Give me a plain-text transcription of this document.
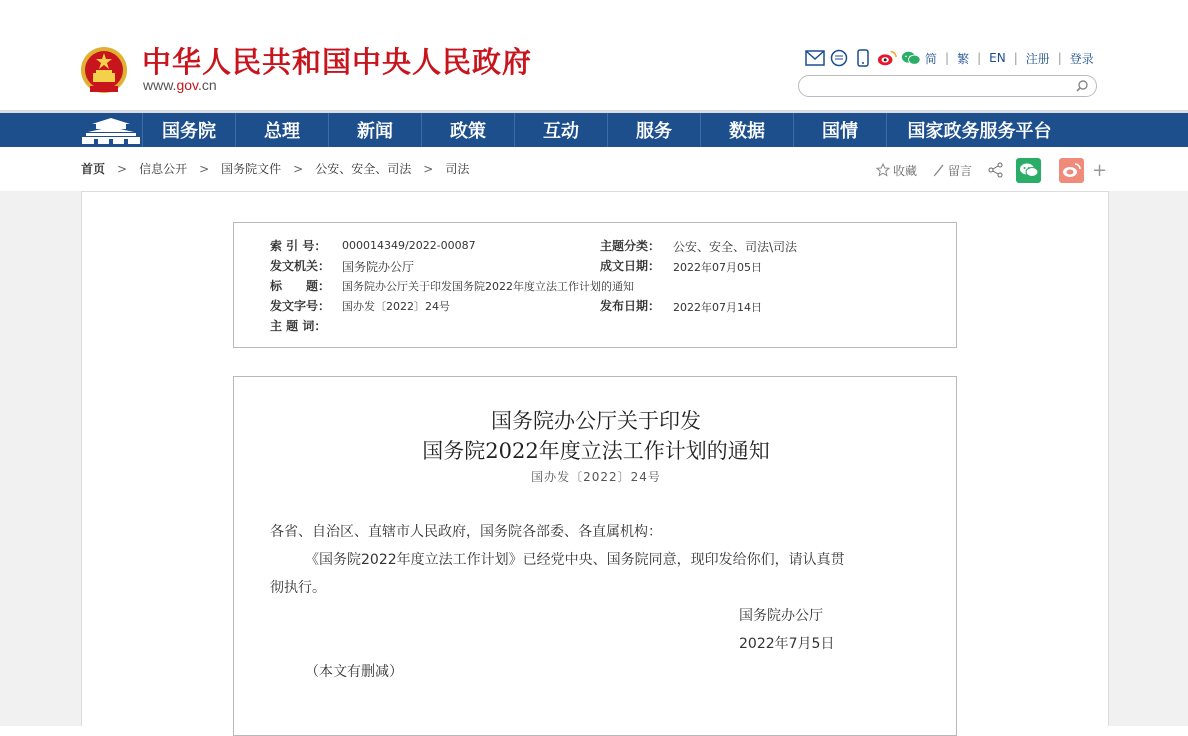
中华人民共和国中央人民政府
www.gov.cn
简 | 繁 | EN | 注册 | 登录
国务院	总理	新闻	政策	互动	服务	数据	国情	国家政务服务平台
首页 > 信息公开 > 国务院文件 > 公安、安全、司法 > 司法	收藏	留言	+
索 引 号： 000014349/2022-00087	主题分类： 公安、安全、司法\司法
发文机关： 国务院办公厅	成文日期： 2022年07月05日
标　　题： 国务院办公厅关于印发国务院2022年度立法工作计划的通知
发文字号： 国办发〔2022〕24号	发布日期： 2022年07月14日
主 题 词：
国务院办公厅关于印发
国务院2022年度立法工作计划的通知
国办发〔2022〕24号

各省、自治区、直辖市人民政府，国务院各部委、各直属机构：

《国务院2022年度立法工作计划》已经党中央、国务院同意，现印发给你们，请认真贯

彻执行。

国务院办公厅

2022年7月5日

（本文有删减）
